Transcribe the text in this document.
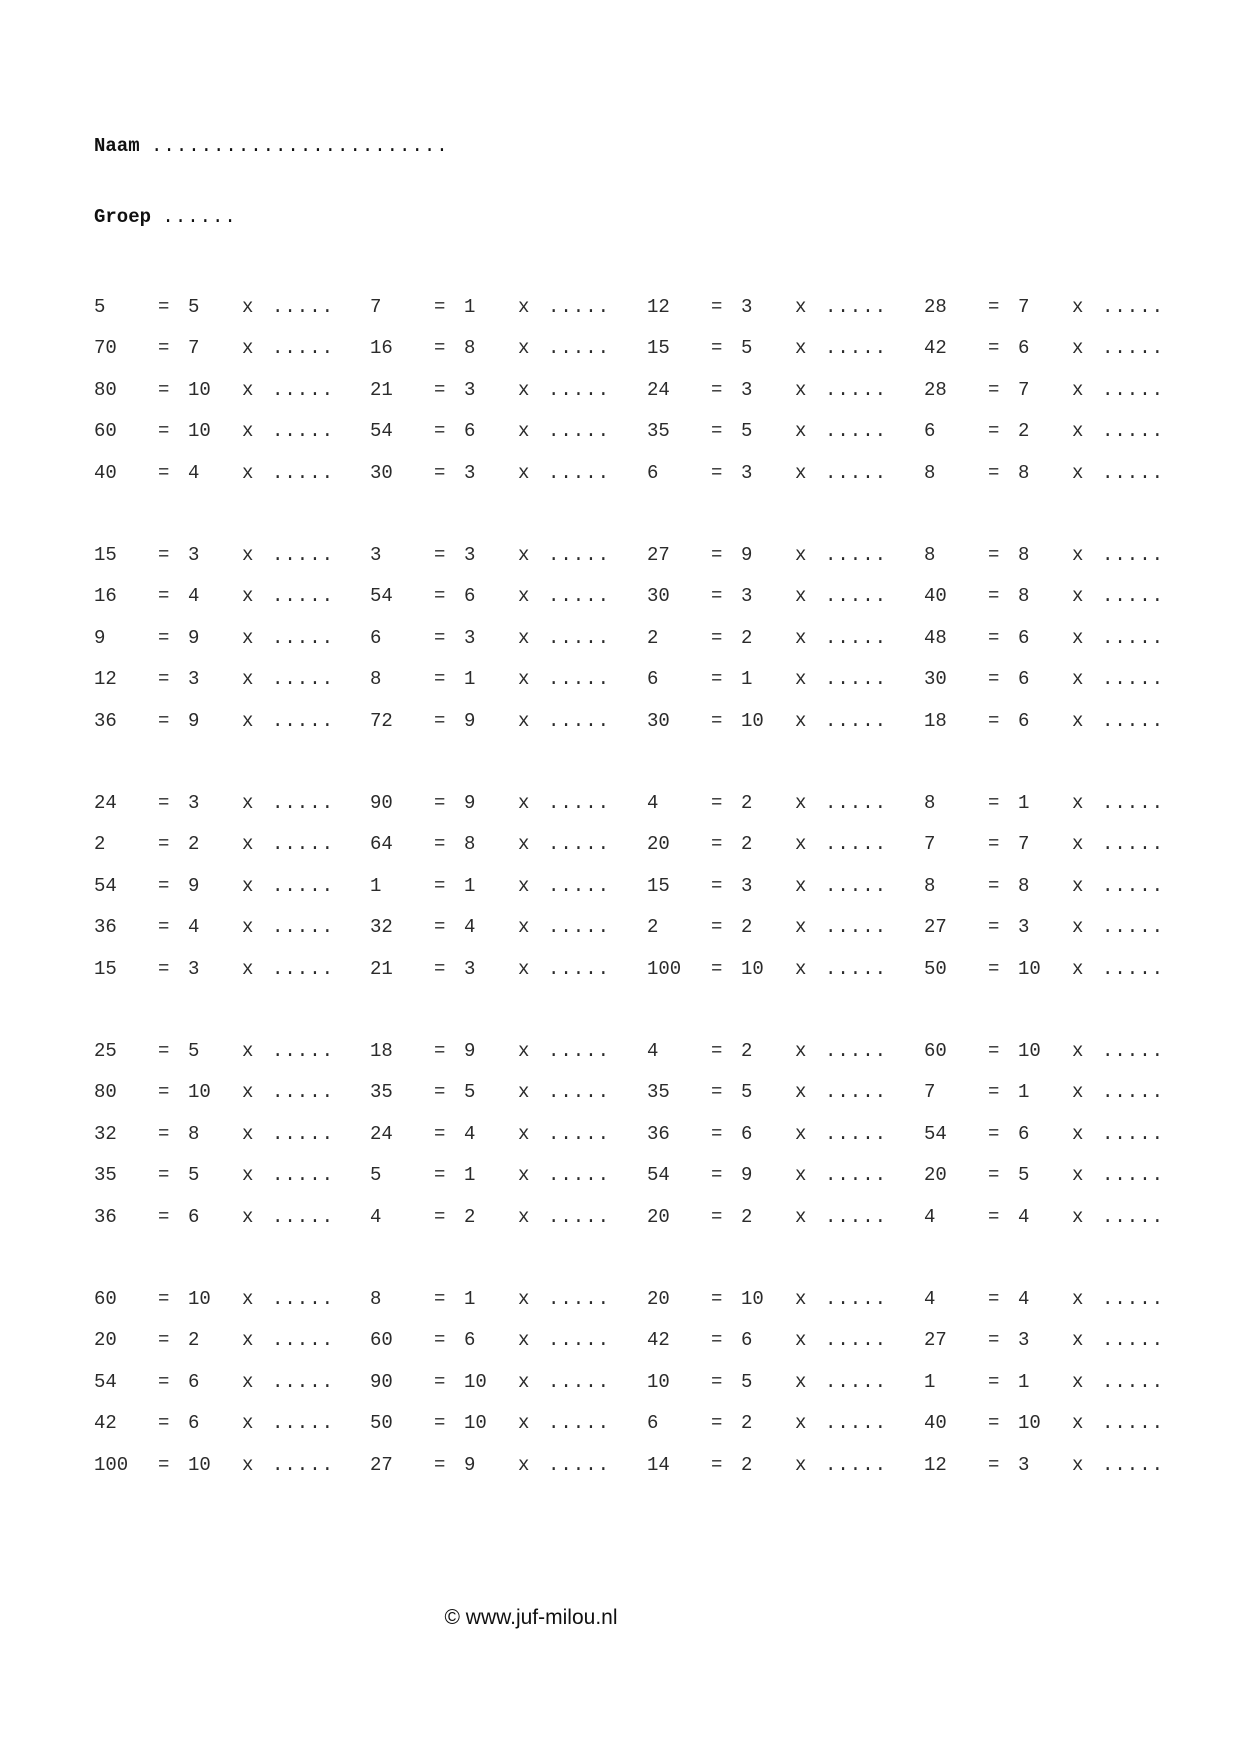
Naam ........................
Groep ......
5	= 5 x ..... 7	= 1 x ..... 12 = 3 x ..... 28 = 7 x .....
70 = 7 x ..... 16 = 8 x ..... 15 = 5 x ..... 42 = 6 x .....
80 = 10 x ..... 21 = 3 x ..... 24 = 3 x ..... 28 = 7 x .....
60 = 10 x ..... 54 = 6 x ..... 35 = 5 x ..... 6	= 2 x .....
40 = 4 x ..... 30 = 3 x ..... 6	= 3 x ..... 8	= 8 x .....
15 = 3 x ..... 3	= 3 x ..... 27 = 9 x ..... 8	= 8 x .....
16 = 4 x ..... 54 = 6 x ..... 30 = 3 x ..... 40 = 8 x .....
9	= 9 x ..... 6	= 3 x ..... 2	= 2 x ..... 48 = 6 x .....
12 = 3 x ..... 8	= 1 x ..... 6	= 1 x ..... 30 = 6 x .....
36 = 9 x ..... 72 = 9 x ..... 30 = 10 x ..... 18 = 6 x .....
24 = 3 x ..... 90 = 9 x ..... 4	= 2 x ..... 8	= 1 x .....
2	= 2 x ..... 64 = 8 x ..... 20 = 2 x ..... 7	= 7 x .....
54 = 9 x ..... 1	= 1 x ..... 15 = 3 x ..... 8	= 8 x .....
36 = 4 x ..... 32 = 4 x ..... 2	= 2 x ..... 27 = 3 x .....
15 = 3 x ..... 21 = 3 x ..... 100 = 10 x ..... 50 = 10 x .....
25 = 5 x ..... 18 = 9 x ..... 4	= 2 x ..... 60 = 10 x .....
80 = 10 x ..... 35 = 5 x ..... 35 = 5 x ..... 7	= 1 x .....
32 = 8 x ..... 24 = 4 x ..... 36 = 6 x ..... 54 = 6 x .....
35 = 5 x ..... 5	= 1 x ..... 54 = 9 x ..... 20 = 5 x .....
36 = 6 x ..... 4	= 2 x ..... 20 = 2 x ..... 4	= 4 x .....
60 = 10 x ..... 8	= 1 x ..... 20 = 10 x ..... 4	= 4 x .....
20 = 2 x ..... 60 = 6 x ..... 42 = 6 x ..... 27 = 3 x .....
54 = 6 x ..... 90 = 10 x ..... 10 = 5 x ..... 1	= 1 x .....
42 = 6 x ..... 50 = 10 x ..... 6	= 2 x ..... 40 = 10 x .....
100 = 10 x ..... 27 = 9 x ..... 14 = 2 x ..... 12 = 3 x .....
© www.juf-milou.nl
